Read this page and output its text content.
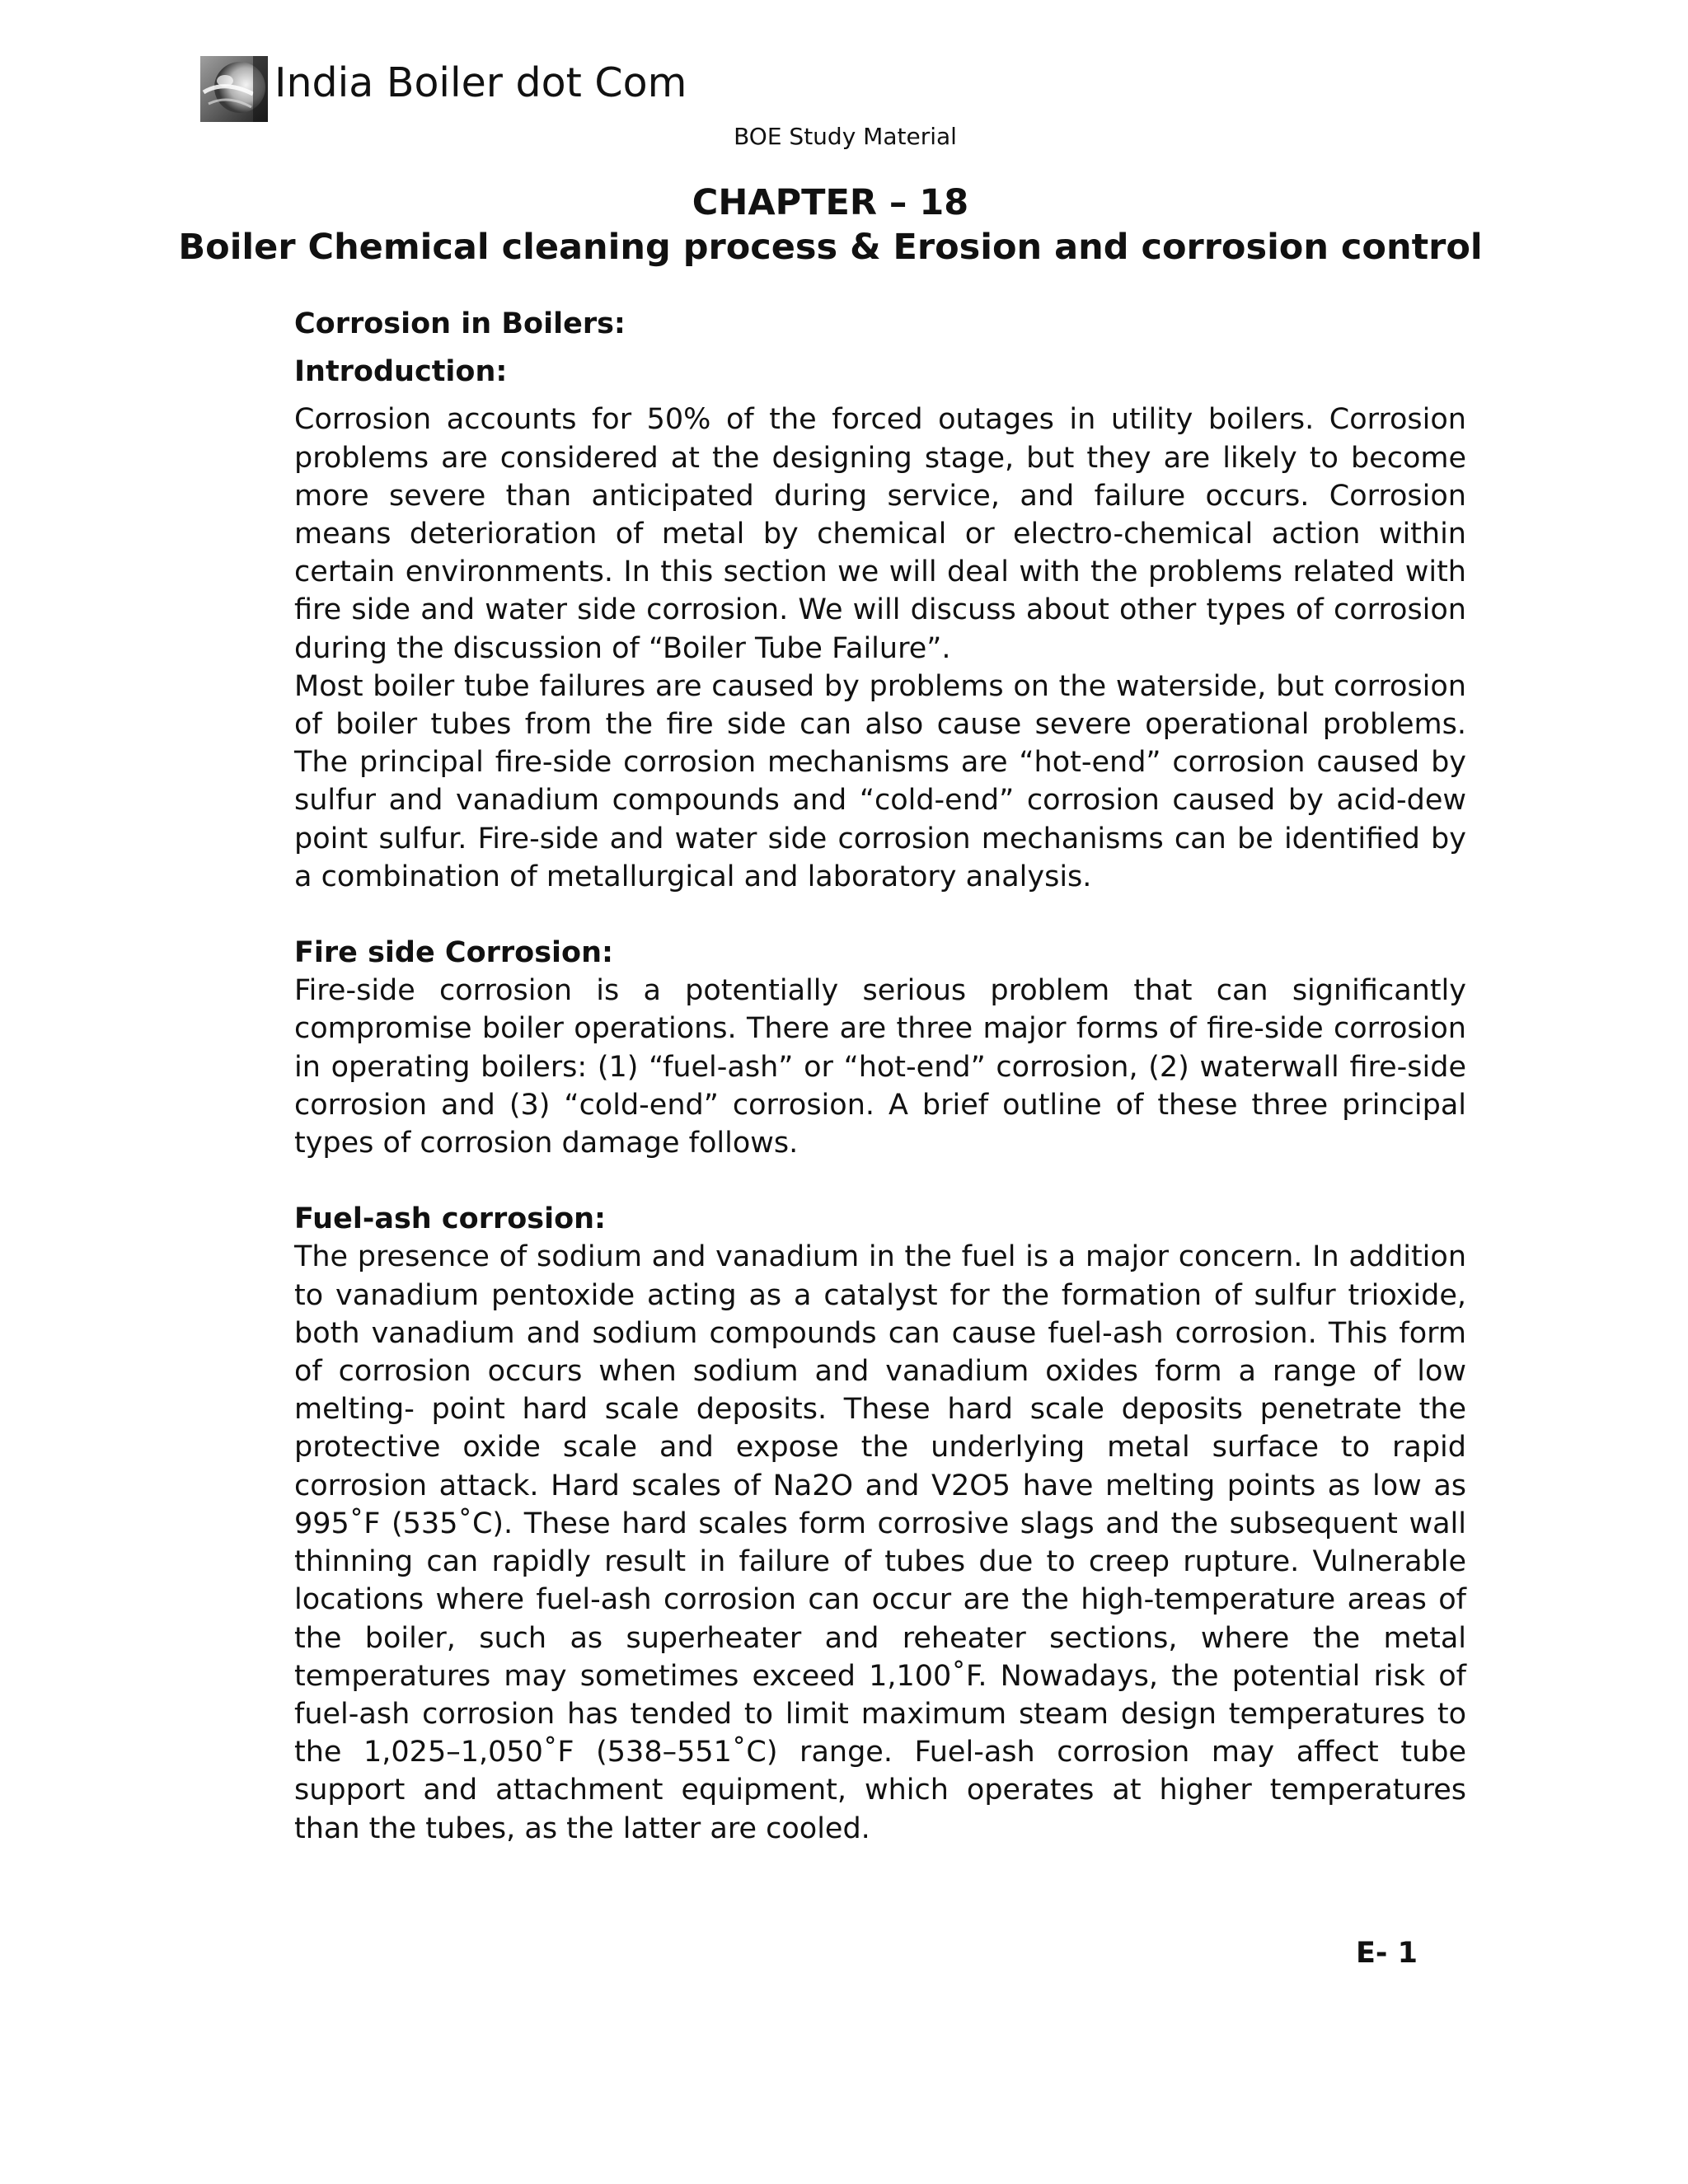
India Boiler dot Com
BOE Study Material
CHAPTER – 18
Boiler Chemical cleaning process & Erosion and corrosion control

Corrosion in Boilers:

Introduction:

Corrosion accounts for 50% of the forced outages in utility boilers. Corrosion problems are considered at the designing stage, but they are likely to become more severe than anticipated during service, and failure occurs. Corrosion means deterioration of metal by chemical or electro-chemical action within certain environments. In this section we will deal with the problems related with fire side and water side corrosion. We will discuss about other types of corrosion during the discussion of “Boiler Tube Failure”.

Most boiler tube failures are caused by problems on the waterside, but corrosion of boiler tubes from the fire side can also cause severe operational problems. The principal fire-side corrosion mechanisms are “hot-end” corrosion caused by sulfur and vanadium compounds and “cold-end” corrosion caused by acid-dew point sulfur. Fire-side and water side corrosion mechanisms can be identified by a combination of metallurgical and laboratory analysis.

Fire side Corrosion:

Fire-side corrosion is a potentially serious problem that can significantly compromise boiler operations. There are three major forms of fire-side corrosion in operating boilers: (1) “fuel-ash” or “hot-end” corrosion, (2) waterwall fire-side corrosion and (3) “cold-end” corrosion. A brief outline of these three principal types of corrosion damage follows.

Fuel-ash corrosion:

The presence of sodium and vanadium in the fuel is a major concern. In addition to vanadium pentoxide acting as a catalyst for the formation of sulfur trioxide, both vanadium and sodium compounds can cause fuel-ash corrosion. This form of corrosion occurs when sodium and vanadium oxides form a range of low melting- point hard scale deposits. These hard scale deposits penetrate the protective oxide scale and expose the underlying metal surface to rapid corrosion attack. Hard scales of Na2O and V2O5 have melting points as low as 995˚F (535˚C). These hard scales form corrosive slags and the subsequent wall thinning can rapidly result in failure of tubes due to creep rupture. Vulnerable locations where fuel-ash corrosion can occur are the high-temperature areas of the boiler, such as superheater and reheater sections, where the metal temperatures may sometimes exceed 1,100˚F. Nowadays, the potential risk of fuel-ash corrosion has tended to limit maximum steam design temperatures to the 1,025–1,050˚F (538–551˚C) range. Fuel-ash corrosion may affect tube support and attachment equipment, which operates at higher temperatures than the tubes, as the latter are cooled.

E- 1
